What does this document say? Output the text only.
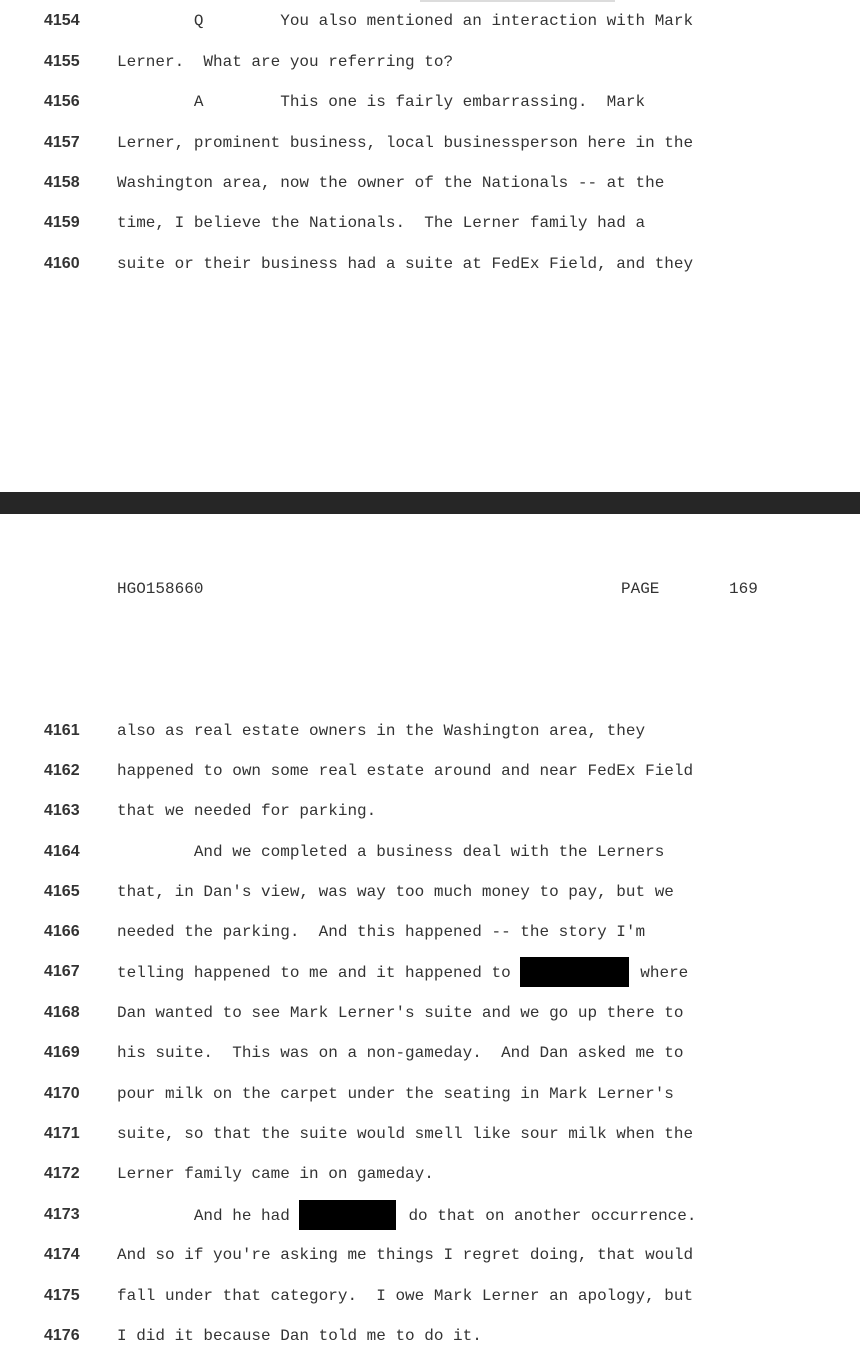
4154 Q        You also mentioned an interaction with Mark
4155 Lerner.  What are you referring to?
4156 A        This one is fairly embarrassing.  Mark
4157 Lerner, prominent business, local businessperson here in the
4158 Washington area, now the owner of the Nationals -- at the
4159 time, I believe the Nationals.  The Lerner family had a
4160 suite or their business had a suite at FedEx Field, and they
HGO158660	PAGE	169
4161 also as real estate owners in the Washington area, they
4162 happened to own some real estate around and near FedEx Field
4163 that we needed for parking.
4164 And we completed a business deal with the Lerners
4165 that, in Dan's view, was way too much money to pay, but we
4166 needed the parking.  And this happened -- the story I'm
4167 telling happened to me and it happened to	where
4168 Dan wanted to see Mark Lerner's suite and we go up there to
4169 his suite.  This was on a non-gameday.  And Dan asked me to
4170 pour milk on the carpet under the seating in Mark Lerner's
4171 suite, so that the suite would smell like sour milk when the
4172 Lerner family came in on gameday.
4173 And he had	do that on another occurrence.
4174 And so if you're asking me things I regret doing, that would
4175 fall under that category.  I owe Mark Lerner an apology, but
4176 I did it because Dan told me to do it.
